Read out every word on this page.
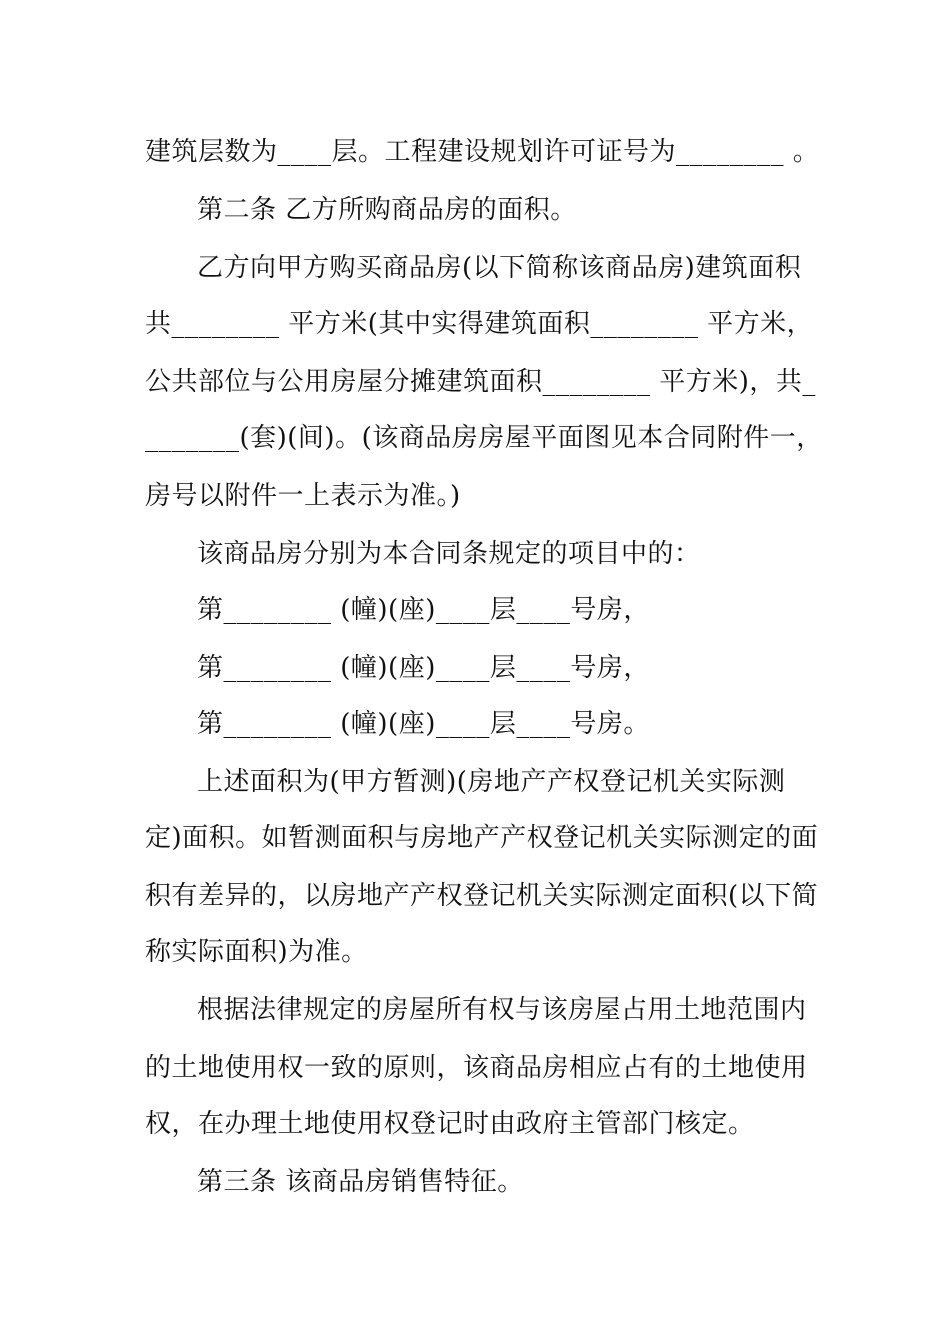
建筑层数为____层。工程建设规划许可证号为________ 。
第二条 乙方所购商品房的面积。
乙方向甲方购买商品房(以下简称该商品房)建筑面积
共________ 平方米(其中实得建筑面积________ 平方米，
公共部位与公用房屋分摊建筑面积________ 平方米)，共_
_______(套)(间)。(该商品房房屋平面图见本合同附件一，
房号以附件一上表示为准。)
该商品房分别为本合同条规定的项目中的：
第________ (幢)(座)____层____号房，
第________ (幢)(座)____层____号房，
第________ (幢)(座)____层____号房。
上述面积为(甲方暂测)(房地产产权登记机关实际测
定)面积。如暂测面积与房地产产权登记机关实际测定的面
积有差异的，以房地产产权登记机关实际测定面积(以下简
称实际面积)为准。
根据法律规定的房屋所有权与该房屋占用土地范围内
的土地使用权一致的原则，该商品房相应占有的土地使用
权，在办理土地使用权登记时由政府主管部门核定。
第三条 该商品房销售特征。
